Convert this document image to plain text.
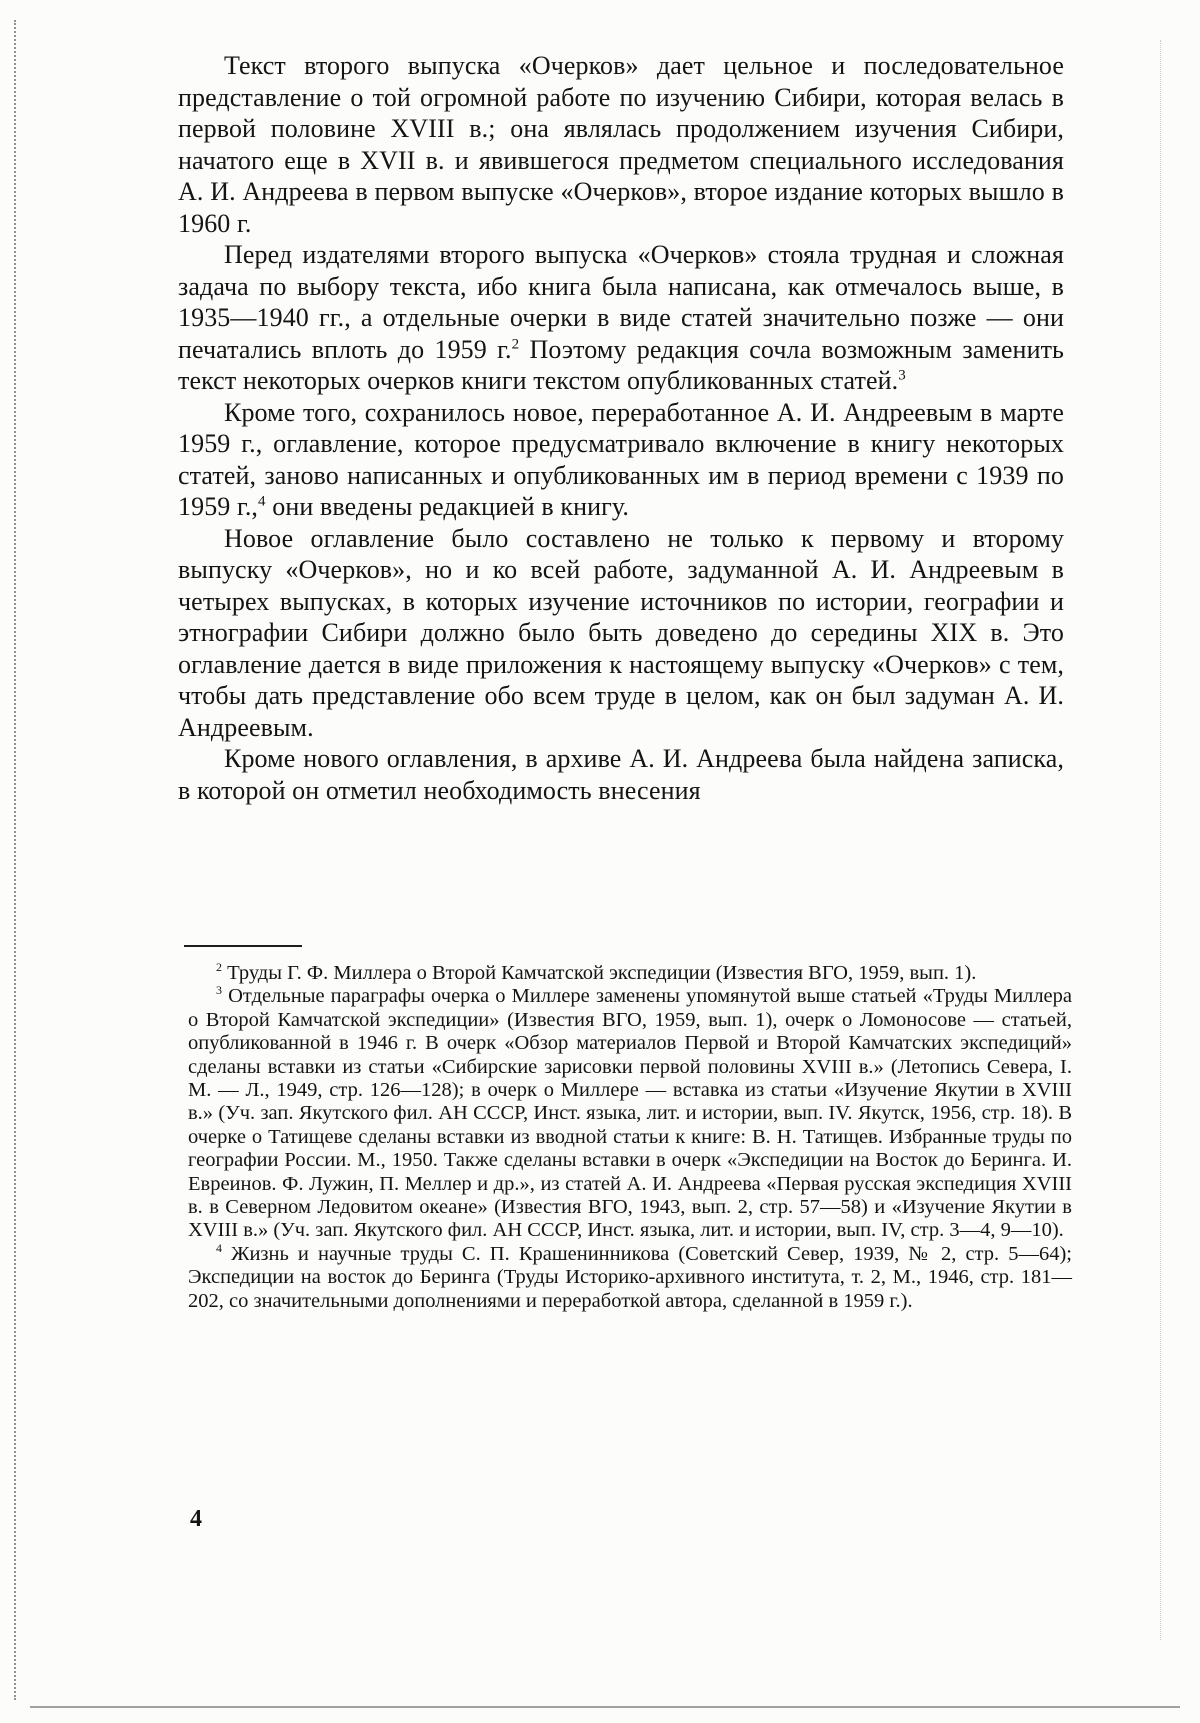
Текст второго выпуска «Очерков» дает цельное и последовательное представление о той огромной работе по изучению Сибири, которая велась в первой половине XVIII в.; она являлась продолжением изучения Сибири, начатого еще в XVII в. и явившегося предметом специального исследования А. И. Андреева в первом выпуске «Очерков», второе издание которых вышло в 1960 г.

Перед издателями второго выпуска «Очерков» стояла трудная и сложная задача по выбору текста, ибо книга была написана, как отмечалось выше, в 1935—1940 гг., а отдельные очерки в виде статей значительно позже — они печатались вплоть до 1959 г.$^2$ Поэтому редакция сочла возможным заменить текст некоторых очерков книги текстом опубликованных статей.$^3$

Кроме того, сохранилось новое, переработанное А. И. Андреевым в марте 1959 г., оглавление, которое предусматривало включение в книгу некоторых статей, заново написанных и опубликованных им в период времени с 1939 по 1959 г.,$^4$ они введены редакцией в книгу.

Новое оглавление было составлено не только к первому и второму выпуску «Очерков», но и ко всей работе, задуманной А. И. Андреевым в четырех выпусках, в которых изучение источников по истории, географии и этнографии Сибири должно было быть доведено до середины XIX в. Это оглавление дается в виде приложения к настоящему выпуску «Очерков» с тем, чтобы дать представление обо всем труде в целом, как он был задуман А. И. Андреевым.

Кроме нового оглавления, в архиве А. И. Андреева была найдена записка, в которой он отметил необходимость внесения

$^2$ Труды Г. Ф. Миллера о Второй Камчатской экспедиции (Известия ВГО, 1959, вып. 1).

$^3$ Отдельные параграфы очерка о Миллере заменены упомянутой выше статьей «Труды Миллера о Второй Камчатской экспедиции» (Известия ВГО, 1959, вып. 1), очерк о Ломоносове — статьей, опубликованной в 1946 г. В очерк «Обзор материалов Первой и Второй Камчатских экспедиций» сделаны вставки из статьи «Сибирские зарисовки первой половины XVIII в.» (Летопись Севера, I. М. — Л., 1949, стр. 126—128); в очерк о Миллере — вставка из статьи «Изучение Якутии в XVIII в.» (Уч. зап. Якутского фил. АН СССР, Инст. языка, лит. и истории, вып. IV. Якутск, 1956, стр. 18). В очерке о Татищеве сделаны вставки из вводной статьи к книге: В. Н. Татищев. Избранные труды по географии России. М., 1950. Также сделаны вставки в очерк «Экспедиции на Восток до Беринга. И. Евреинов. Ф. Лужин, П. Меллер и др.», из статей А. И. Андреева «Первая русская экспедиция XVIII в. в Северном Ледовитом океане» (Известия ВГО, 1943, вып. 2, стр. 57—58) и «Изучение Якутии в XVIII в.» (Уч. зап. Якутского фил. АН СССР, Инст. языка, лит. и истории, вып. IV, стр. 3—4, 9—10).

$^4$ Жизнь и научные труды С. П. Крашенинникова (Советский Север, 1939, № 2, стр. 5—64); Экспедиции на восток до Беринга (Труды Историко-архивного института, т. 2, М., 1946, стр. 181—202, со значительными дополнениями и переработкой автора, сделанной в 1959 г.).

4
